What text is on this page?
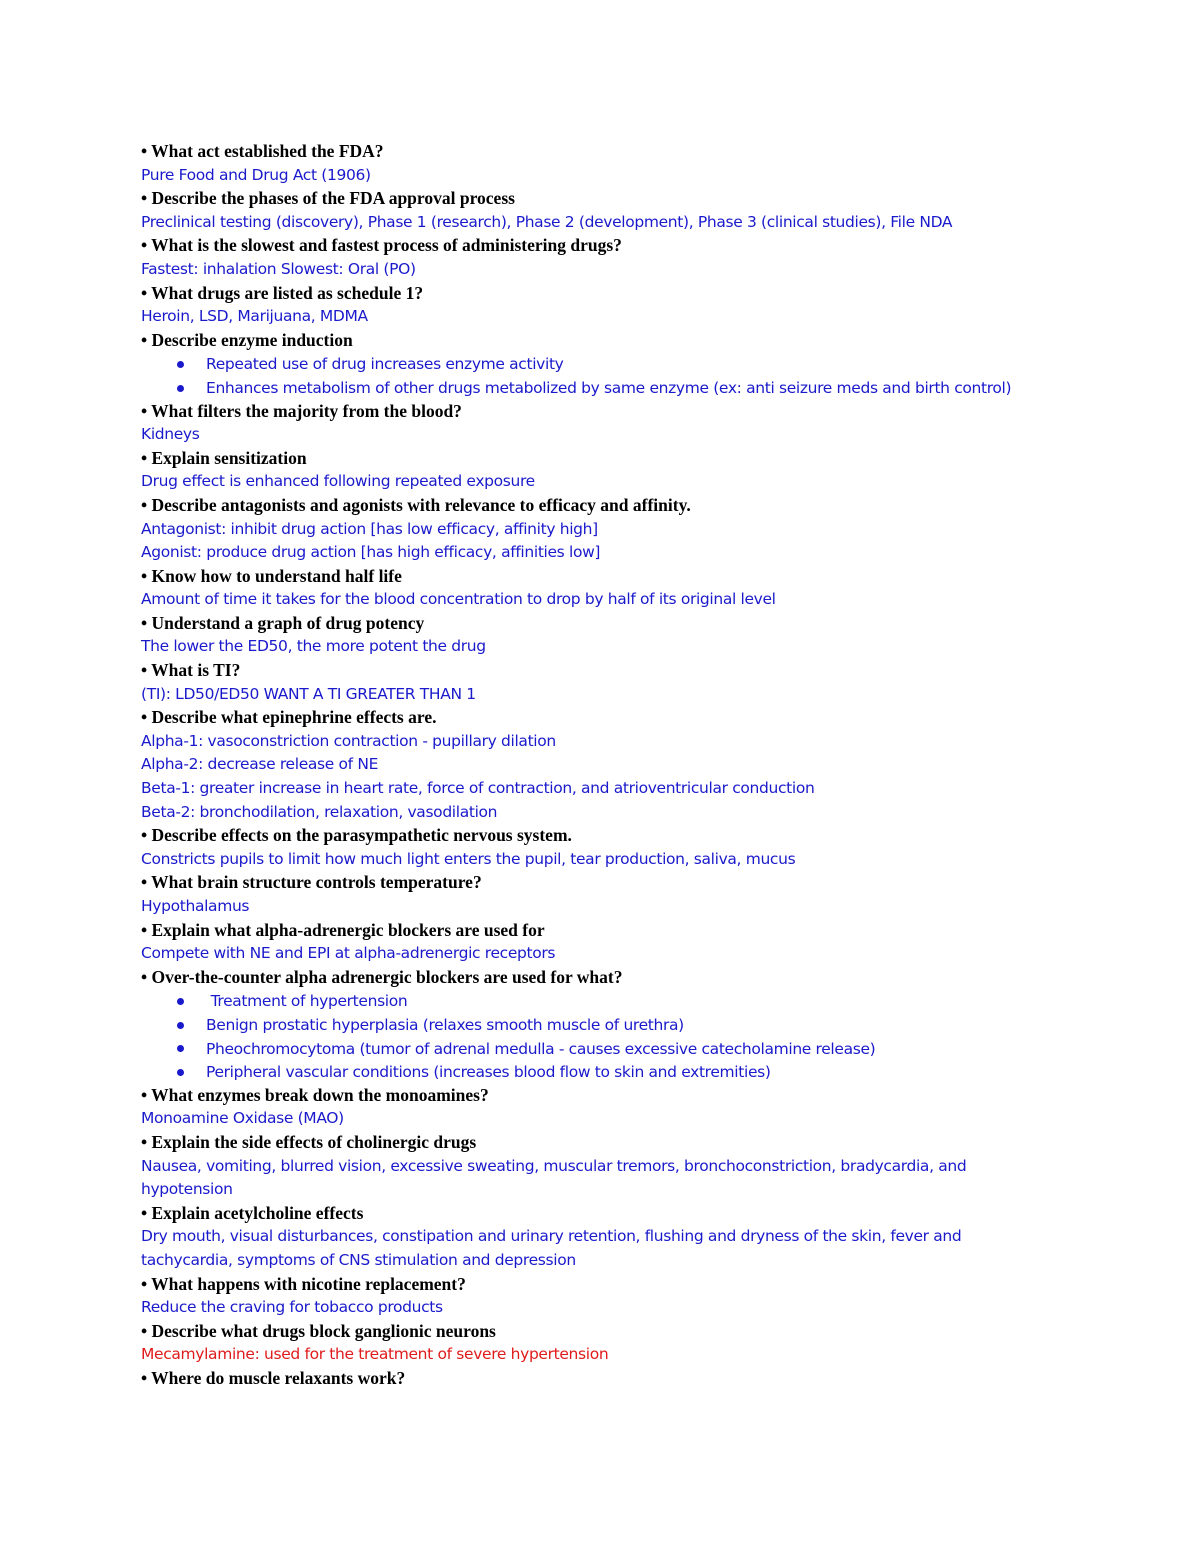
• What act established the FDA?
Pure Food and Drug Act (1906)
• Describe the phases of the FDA approval process
Preclinical testing (discovery), Phase 1 (research), Phase 2 (development), Phase 3 (clinical studies), File NDA
• What is the slowest and fastest process of administering drugs?
Fastest: inhalation Slowest: Oral (PO)
• What drugs are listed as schedule 1?
Heroin, LSD, Marijuana, MDMA
• Describe enzyme induction
Repeated use of drug increases enzyme activity
Enhances metabolism of other drugs metabolized by same enzyme (ex: anti seizure meds and birth control)
• What filters the majority from the blood?
Kidneys
• Explain sensitization
Drug effect is enhanced following repeated exposure
• Describe antagonists and agonists with relevance to efficacy and affinity.
Antagonist: inhibit drug action [has low efficacy, affinity high]
Agonist: produce drug action [has high efficacy, affinities low]
• Know how to understand half life
Amount of time it takes for the blood concentration to drop by half of its original level
• Understand a graph of drug potency
The lower the ED50, the more potent the drug
• What is TI?
(TI): LD50/ED50 WANT A TI GREATER THAN 1
• Describe what epinephrine effects are.
Alpha-1: vasoconstriction contraction - pupillary dilation
Alpha-2: decrease release of NE
Beta-1: greater increase in heart rate, force of contraction, and atrioventricular conduction
Beta-2: bronchodilation, relaxation, vasodilation
• Describe effects on the parasympathetic nervous system.
Constricts pupils to limit how much light enters the pupil, tear production, saliva, mucus
• What brain structure controls temperature?
Hypothalamus
• Explain what alpha-adrenergic blockers are used for
Compete with NE and EPI at alpha-adrenergic receptors
• Over-the-counter alpha adrenergic blockers are used for what?
Treatment of hypertension
Benign prostatic hyperplasia (relaxes smooth muscle of urethra)
Pheochromocytoma (tumor of adrenal medulla - causes excessive catecholamine release)
Peripheral vascular conditions (increases blood flow to skin and extremities)
• What enzymes break down the monoamines?
Monoamine Oxidase (MAO)
• Explain the side effects of cholinergic drugs
Nausea, vomiting, blurred vision, excessive sweating, muscular tremors, bronchoconstriction, bradycardia, and
hypotension
• Explain acetylcholine effects
Dry mouth, visual disturbances, constipation and urinary retention, flushing and dryness of the skin, fever and
tachycardia, symptoms of CNS stimulation and depression
• What happens with nicotine replacement?
Reduce the craving for tobacco products
• Describe what drugs block ganglionic neurons
Mecamylamine: used for the treatment of severe hypertension
• Where do muscle relaxants work?
